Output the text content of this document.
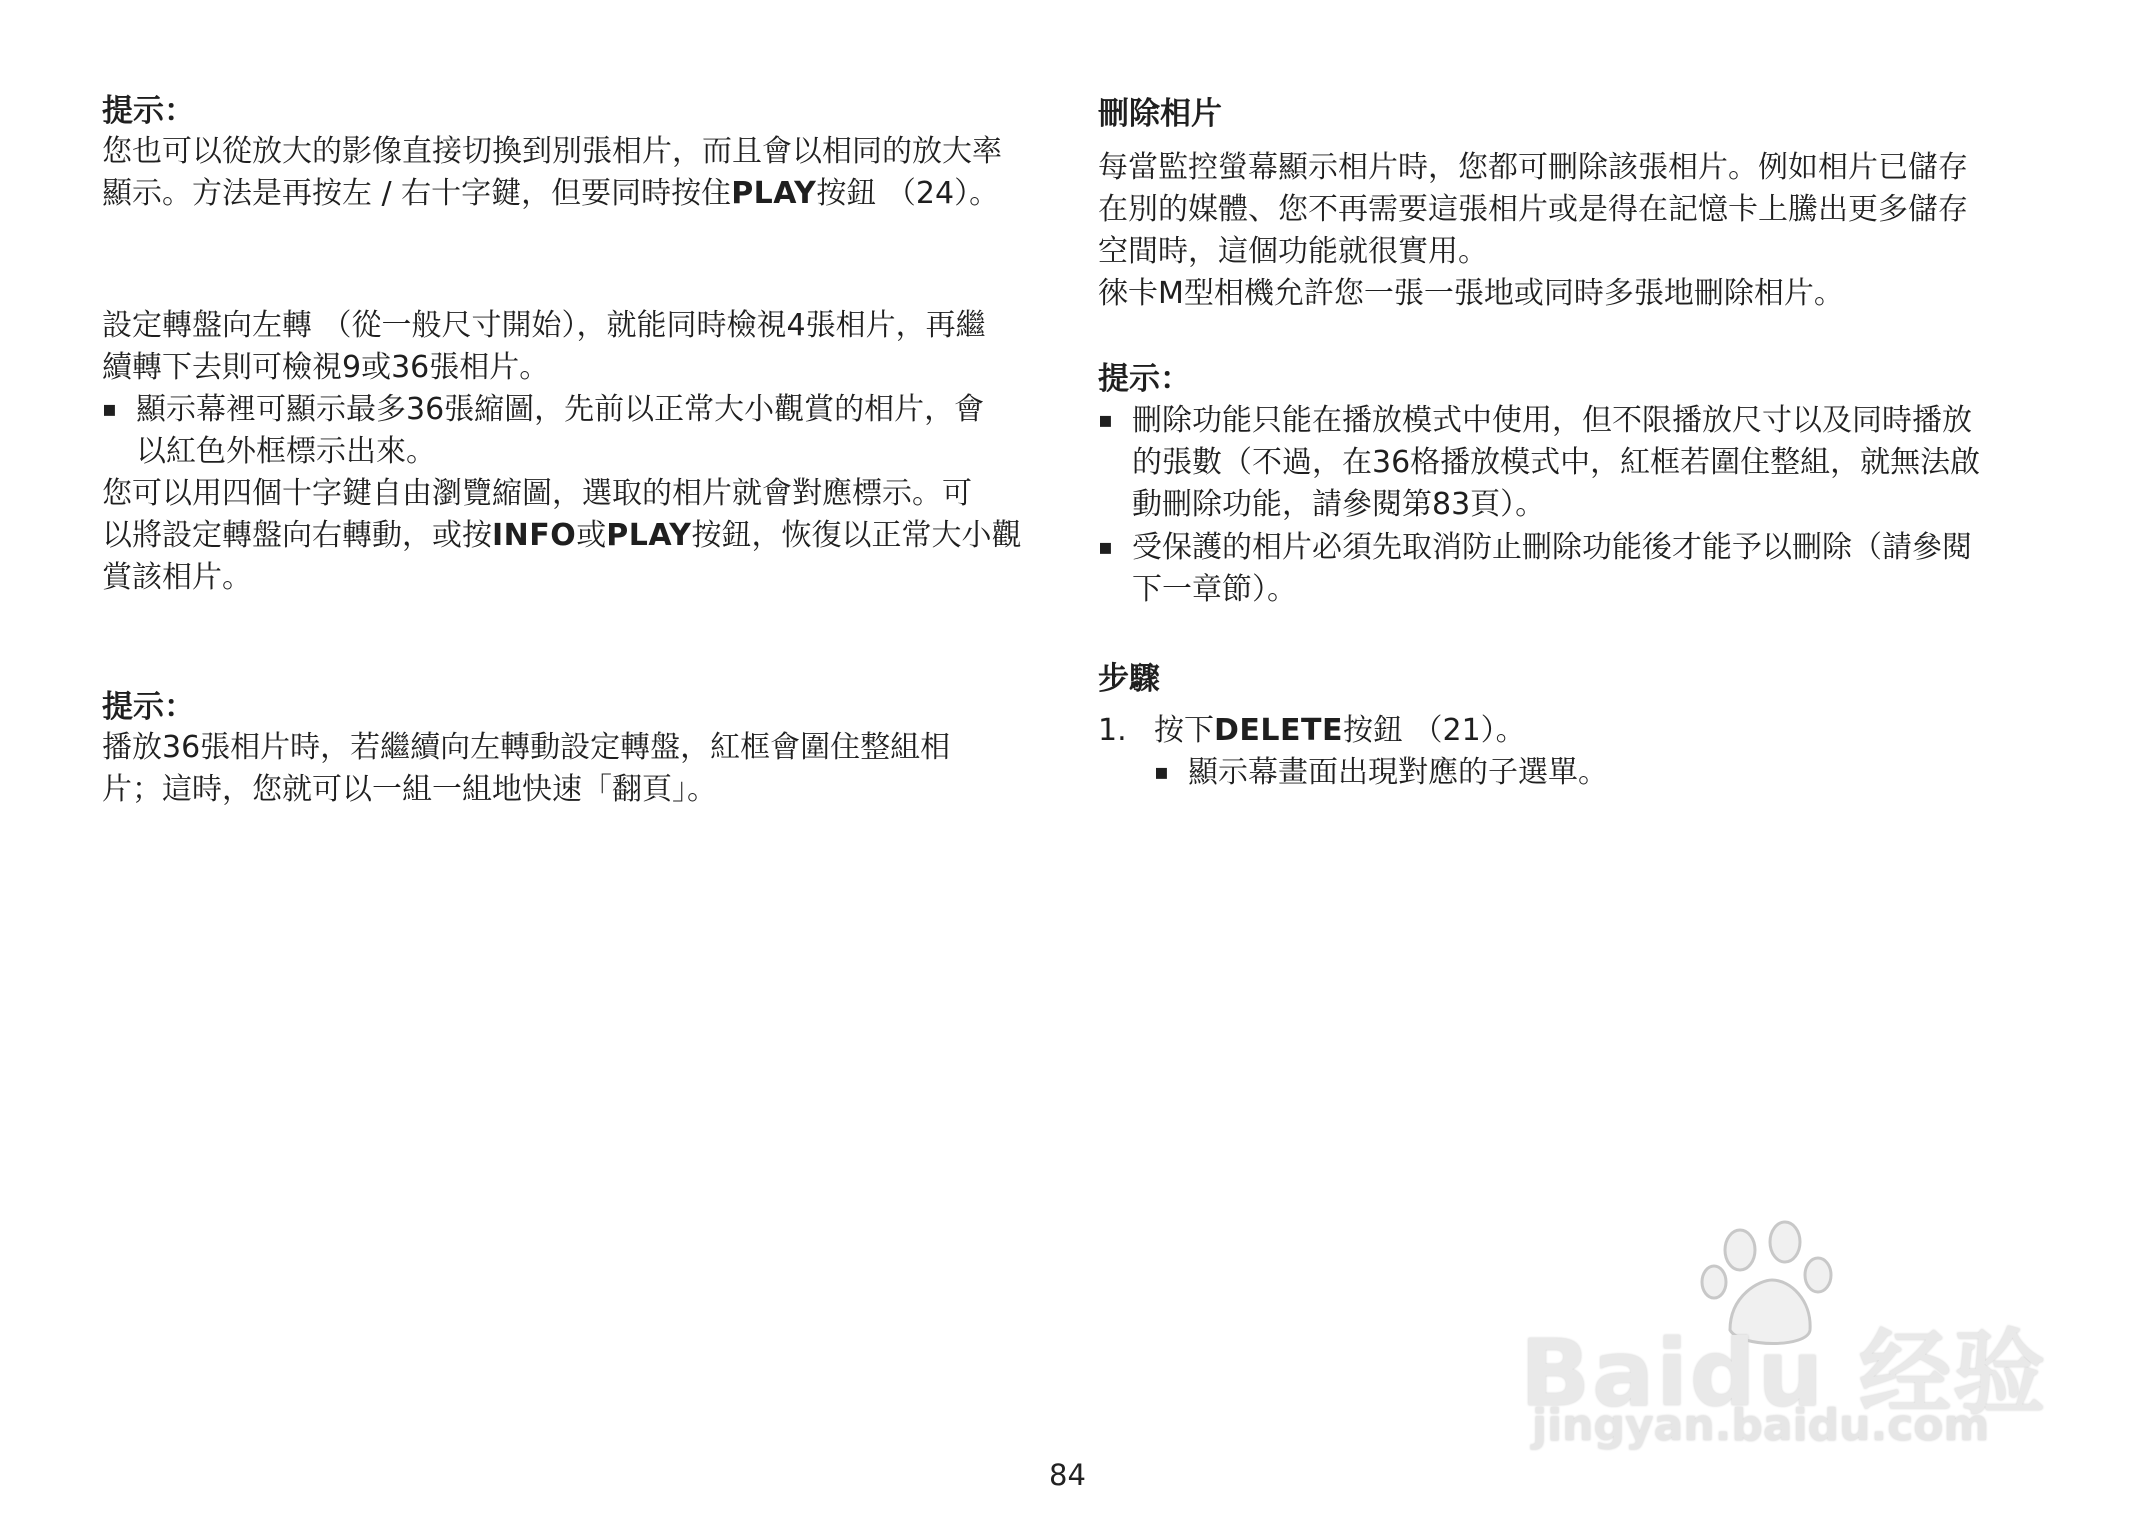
提示：
您也可以從放大的影像直接切換到別張相片，而且會以相同的放大率
顯示。方法是再按左 / 右十字鍵，但要同時按住PLAY按鈕 （24）。
設定轉盤向左轉 （從一般尺寸開始），就能同時檢視4張相片，再繼
續轉下去則可檢視9或36張相片。
▪ 顯示幕裡可顯示最多36張縮圖，先前以正常大小觀賞的相片，會
以紅色外框標示出來。
您可以用四個十字鍵自由瀏覽縮圖，選取的相片就會對應標示。可
以將設定轉盤向右轉動，或按INFO或PLAY按鈕，恢復以正常大小觀
賞該相片。
提示：
播放36張相片時，若繼續向左轉動設定轉盤，紅框會圍住整組相
片；這時，您就可以一組一組地快速「翻頁」。
刪除相片
每當監控螢幕顯示相片時，您都可刪除該張相片。例如相片已儲存
在別的媒體、您不再需要這張相片或是得在記憶卡上騰出更多儲存
空間時，這個功能就很實用。
徠卡M型相機允許您一張一張地或同時多張地刪除相片。
提示：
▪ 刪除功能只能在播放模式中使用，但不限播放尺寸以及同時播放
的張數（不過，在36格播放模式中，紅框若圍住整組，就無法啟
動刪除功能，請參閱第83頁）。
▪ 受保護的相片必須先取消防止刪除功能後才能予以刪除（請參閱
下一章節）。
步驟
1. 按下DELETE按鈕 （21）。
▪ 顯示幕畫面出現對應的子選單。
Baidu 经验
jingyan.baidu.com
84
